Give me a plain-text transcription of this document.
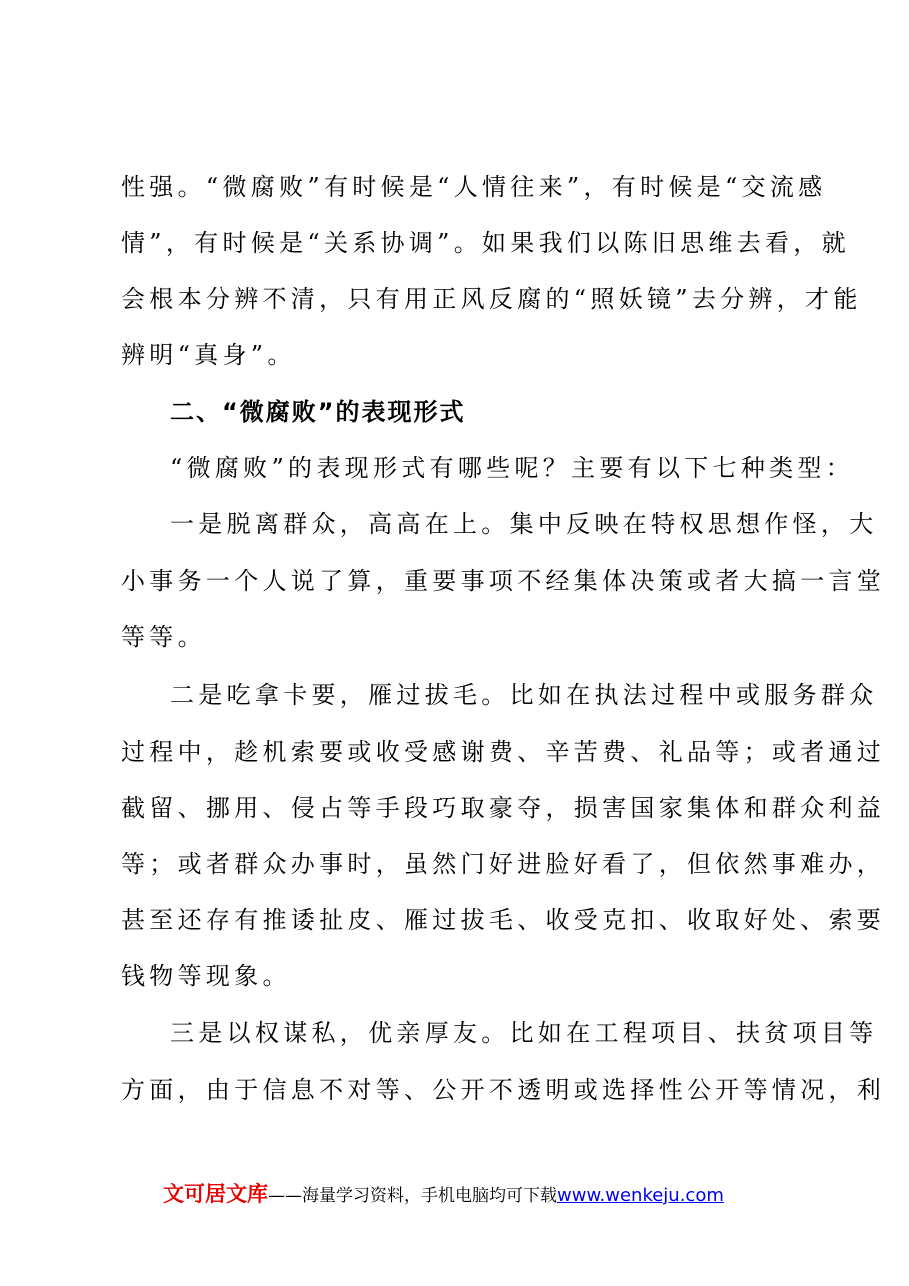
性强。“微腐败”有时候是“人情往来”，有时候是“交流感
情”，有时候是“关系协调”。如果我们以陈旧思维去看，就
会根本分辨不清，只有用正风反腐的“照妖镜”去分辨，才能
辨明“真身”。
二、“微腐败”的表现形式
“微腐败”的表现形式有哪些呢？主要有以下七种类型：
一是脱离群众，高高在上。集中反映在特权思想作怪，大
小事务一个人说了算，重要事项不经集体决策或者大搞一言堂
等等。
二是吃拿卡要，雁过拔毛。比如在执法过程中或服务群众
过程中，趁机索要或收受感谢费、辛苦费、礼品等；或者通过
截留、挪用、侵占等手段巧取豪夺，损害国家集体和群众利益
等；或者群众办事时，虽然门好进脸好看了，但依然事难办，
甚至还存有推诿扯皮、雁过拔毛、收受克扣、收取好处、索要
钱物等现象。
三是以权谋私，优亲厚友。比如在工程项目、扶贫项目等
方面，由于信息不对等、公开不透明或选择性公开等情况，利
文可居文库——海量学习资料，手机电脑均可下载www.wenkeju.com
